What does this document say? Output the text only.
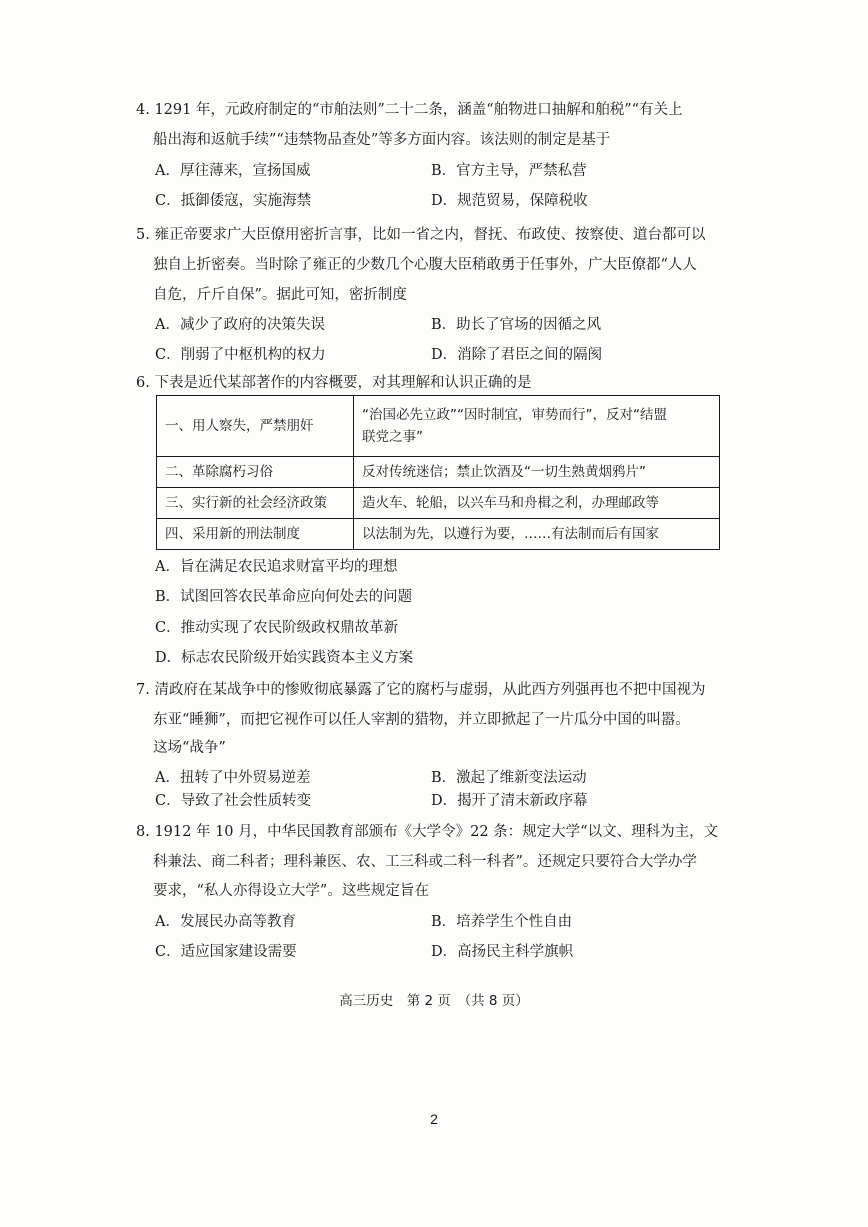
4. 1291 年，元政府制定的“市舶法则”二十二条，涵盖“舶物进口抽解和舶税”“有关上
船出海和返航手续”“违禁物品查处”等多方面内容。该法则的制定是基于
A．厚往薄来，宣扬国威	B．官方主导，严禁私营
C．抵御倭寇，实施海禁	D．规范贸易，保障税收
5. 雍正帝要求广大臣僚用密折言事，比如一省之内，督抚、布政使、按察使、道台都可以
独自上折密奏。当时除了雍正的少数几个心腹大臣稍敢勇于任事外，广大臣僚都“人人
自危，斤斤自保”。据此可知，密折制度
A．减少了政府的决策失误	B．助长了官场的因循之风
C．削弱了中枢机构的权力	D．消除了君臣之间的隔阂
6. 下表是近代某部著作的内容概要，对其理解和认识正确的是
一、用人察失，严禁朋奸	“治国必先立政”“因时制宜，审势而行”，反对“结盟
联党之事”

二、革除腐朽习俗	反对传统迷信；禁止饮酒及“一切生熟黄烟鸦片”
三、实行新的社会经济政策	造火车、轮船，以兴车马和舟楫之利，办理邮政等
四、采用新的刑法制度	以法制为先，以遵行为要，……有法制而后有国家
A．旨在满足农民追求财富平均的理想
B．试图回答农民革命应向何处去的问题
C．推动实现了农民阶级政权鼎故革新
D．标志农民阶级开始实践资本主义方案
7. 清政府在某战争中的惨败彻底暴露了它的腐朽与虚弱，从此西方列强再也不把中国视为
东亚“睡狮”，而把它视作可以任人宰割的猎物，并立即掀起了一片瓜分中国的叫嚣。
这场“战争”
A．扭转了中外贸易逆差	B．激起了维新变法运动
C．导致了社会性质转变	D．揭开了清末新政序幕
8. 1912 年 10 月，中华民国教育部颁布《大学令》22 条：规定大学“以文、理科为主，文
科兼法、商二科者；理科兼医、农、工三科或二科一科者”。还规定只要符合大学办学
要求，“私人亦得设立大学”。这些规定旨在
A．发展民办高等教育	B．培养学生个性自由
C．适应国家建设需要	D．高扬民主科学旗帜
高三历史　第 2 页　（共 8 页）
2
